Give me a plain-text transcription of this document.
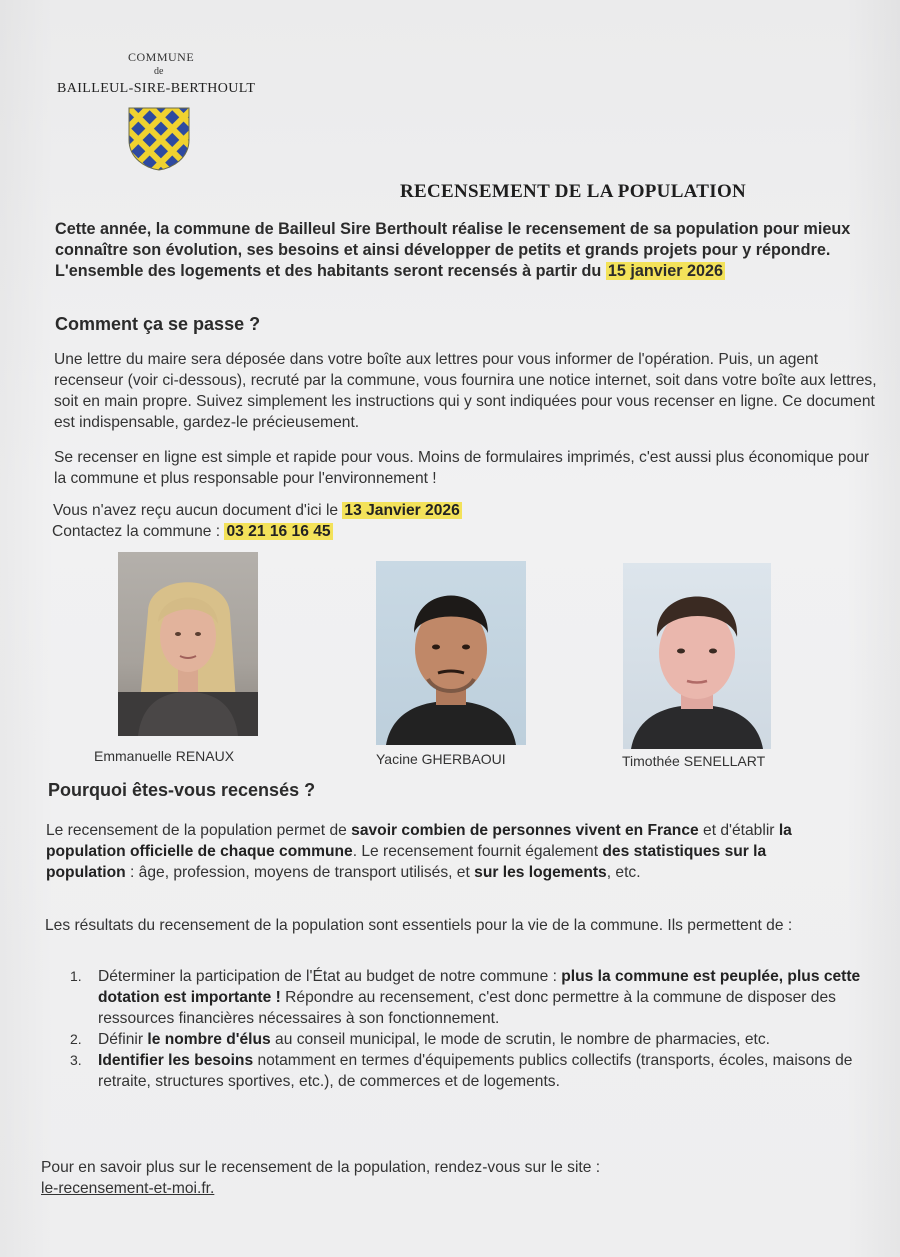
COMMUNE
de
BAILLEUL-SIRE-BERTHOULT
RECENSEMENT DE LA POPULATION
Cette année, la commune de Bailleul Sire Berthoult réalise le recensement de sa population pour mieux connaître son évolution, ses besoins et ainsi développer de petits et grands projets pour y répondre. L'ensemble des logements et des habitants seront recensés à partir du 15 janvier 2026
Comment ça se passe ?
Une lettre du maire sera déposée dans votre boîte aux lettres pour vous informer de l'opération. Puis, un agent recenseur (voir ci-dessous), recruté par la commune, vous fournira une notice internet, soit dans votre boîte aux lettres, soit en main propre. Suivez simplement les instructions qui y sont indiquées pour vous recenser en ligne. Ce document est indispensable, gardez-le précieusement.
Se recenser en ligne est simple et rapide pour vous. Moins de formulaires imprimés, c'est aussi plus économique pour la commune et plus responsable pour l'environnement !
Vous n'avez reçu aucun document d'ici le 13 Janvier 2026
Contactez la commune : 03 21 16 16 45
Emmanuelle RENAUX	Yacine GHERBAOUI	Timothée SENELLART
Pourquoi êtes-vous recensés ?
Le recensement de la population permet de savoir combien de personnes vivent en France et d'établir la population officielle de chaque commune. Le recensement fournit également des statistiques sur la population : âge, profession, moyens de transport utilisés, et sur les logements, etc.
Les résultats du recensement de la population sont essentiels pour la vie de la commune. Ils permettent de :
1. Déterminer la participation de l'État au budget de notre commune : plus la commune est peuplée, plus cette dotation est importante ! Répondre au recensement, c'est donc permettre à la commune de disposer des ressources financières nécessaires à son fonctionnement.
2. Définir le nombre d'élus au conseil municipal, le mode de scrutin, le nombre de pharmacies, etc.
3. Identifier les besoins notamment en termes d'équipements publics collectifs (transports, écoles, maisons de retraite, structures sportives, etc.), de commerces et de logements.
Pour en savoir plus sur le recensement de la population, rendez-vous sur le site :
le-recensement-et-moi.fr.
